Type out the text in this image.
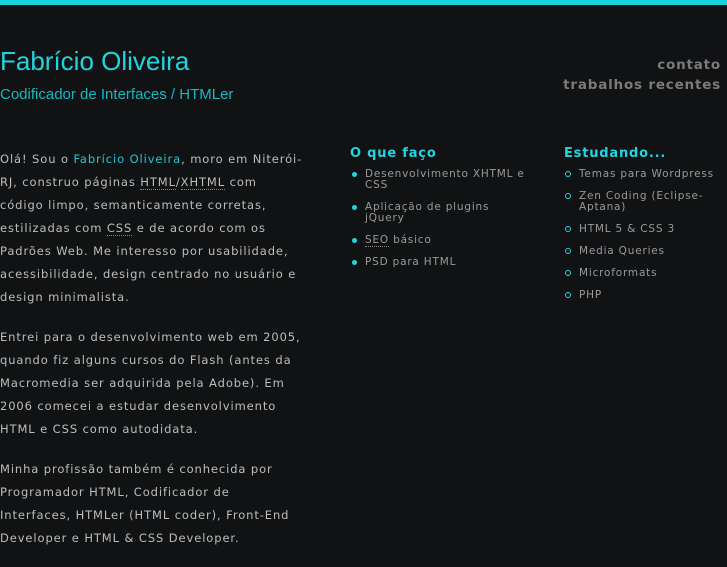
Fabrício Oliveira
Codificador de Interfaces / HTMLer
contato
trabalhos recentes

Olá! Sou o Fabrício Oliveira, moro em Niterói-RJ, construo páginas HTML/XHTML com código limpo, semanticamente corretas, estilizadas com CSS e de acordo com os Padrões Web. Me interesso por usabilidade, acessibilidade, design centrado no usuário e design minimalista.

Entrei para o desenvolvimento web em 2005, quando fiz alguns cursos do Flash (antes da Macromedia ser adquirida pela Adobe). Em 2006 comecei a estudar desenvolvimento HTML e CSS como autodidata.

Minha profissão também é conhecida por Programador HTML, Codificador de Interfaces, HTMLer (HTML coder), Front-End Developer e HTML & CSS Developer.

O que faço
Desenvolvimento XHTML e CSS
Aplicação de plugins jQuery
SEO básico
PSD para HTML
Estudando...
Temas para Wordpress
Zen Coding (Eclipse-Aptana)
HTML 5 & CSS 3
Media Queries
Microformats
PHP
